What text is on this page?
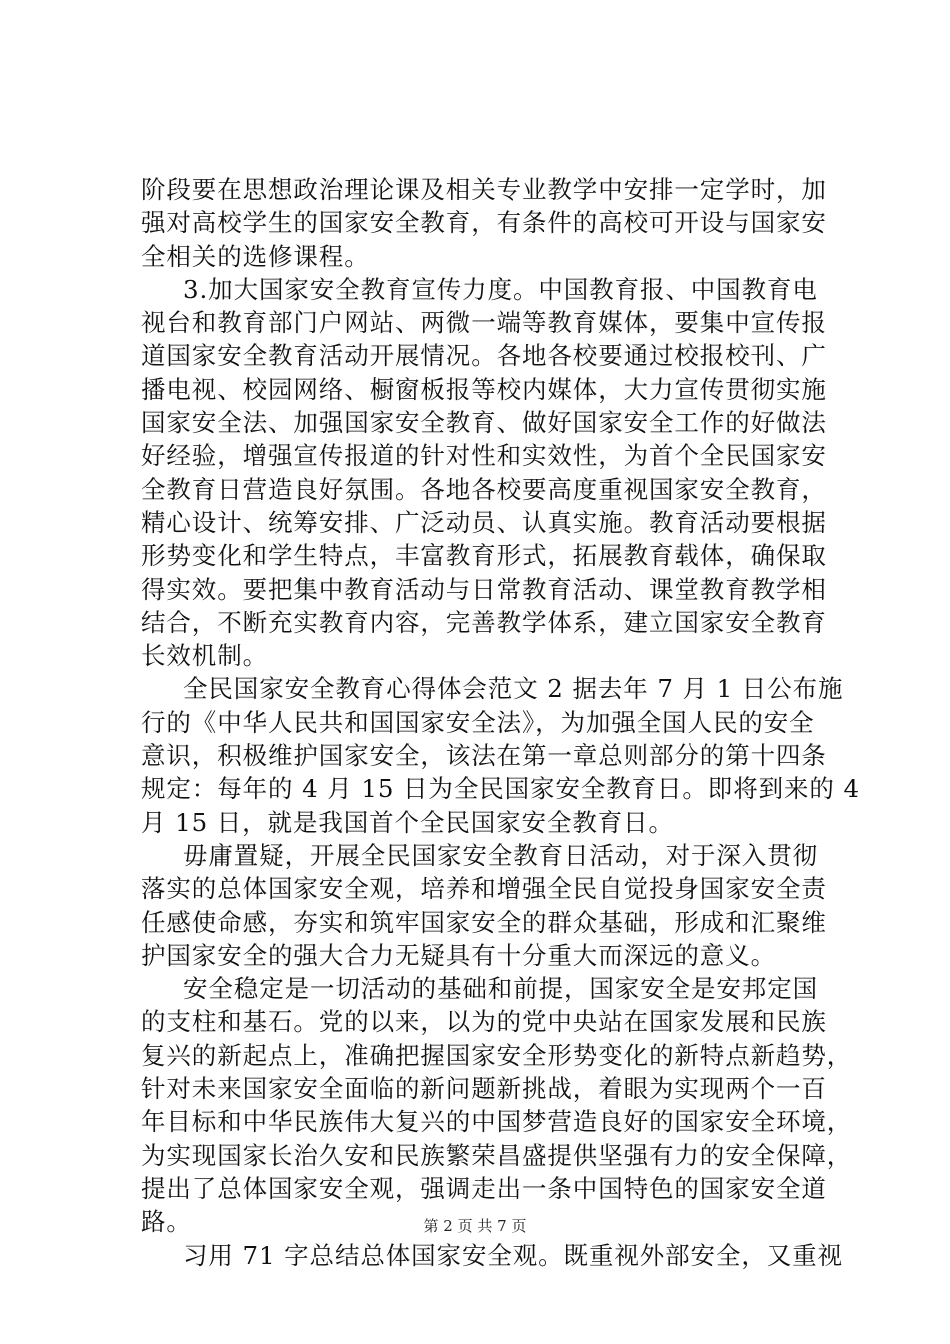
阶段要在思想政治理论课及相关专业教学中安排一定学时，加
强对高校学生的国家安全教育，有条件的高校可开设与国家安
全相关的选修课程。
3.加大国家安全教育宣传力度。中国教育报、中国教育电
视台和教育部门户网站、两微一端等教育媒体，要集中宣传报
道国家安全教育活动开展情况。各地各校要通过校报校刊、广
播电视、校园网络、橱窗板报等校内媒体，大力宣传贯彻实施
国家安全法、加强国家安全教育、做好国家安全工作的好做法
好经验，增强宣传报道的针对性和实效性，为首个全民国家安
全教育日营造良好氛围。各地各校要高度重视国家安全教育，
精心设计、统筹安排、广泛动员、认真实施。教育活动要根据
形势变化和学生特点，丰富教育形式，拓展教育载体，确保取
得实效。要把集中教育活动与日常教育活动、课堂教育教学相
结合，不断充实教育内容，完善教学体系，建立国家安全教育
长效机制。
全民国家安全教育心得体会范文 2 据去年 7 月 1 日公布施
行的《中华人民共和国国家安全法》，为加强全国人民的安全
意识，积极维护国家安全，该法在第一章总则部分的第十四条
规定：每年的 4 月 15 日为全民国家安全教育日。即将到来的 4
月 15 日，就是我国首个全民国家安全教育日。
毋庸置疑，开展全民国家安全教育日活动，对于深入贯彻
落实的总体国家安全观，培养和增强全民自觉投身国家安全责
任感使命感，夯实和筑牢国家安全的群众基础，形成和汇聚维
护国家安全的强大合力无疑具有十分重大而深远的意义。
安全稳定是一切活动的基础和前提，国家安全是安邦定国
的支柱和基石。党的以来，以为的党中央站在国家发展和民族
复兴的新起点上，准确把握国家安全形势变化的新特点新趋势，
针对未来国家安全面临的新问题新挑战，着眼为实现两个一百
年目标和中华民族伟大复兴的中国梦营造良好的国家安全环境，
为实现国家长治久安和民族繁荣昌盛提供坚强有力的安全保障，
提出了总体国家安全观，强调走出一条中国特色的国家安全道
路。
习用 71 字总结总体国家安全观。既重视外部安全，又重视
第 2 页 共 7 页
